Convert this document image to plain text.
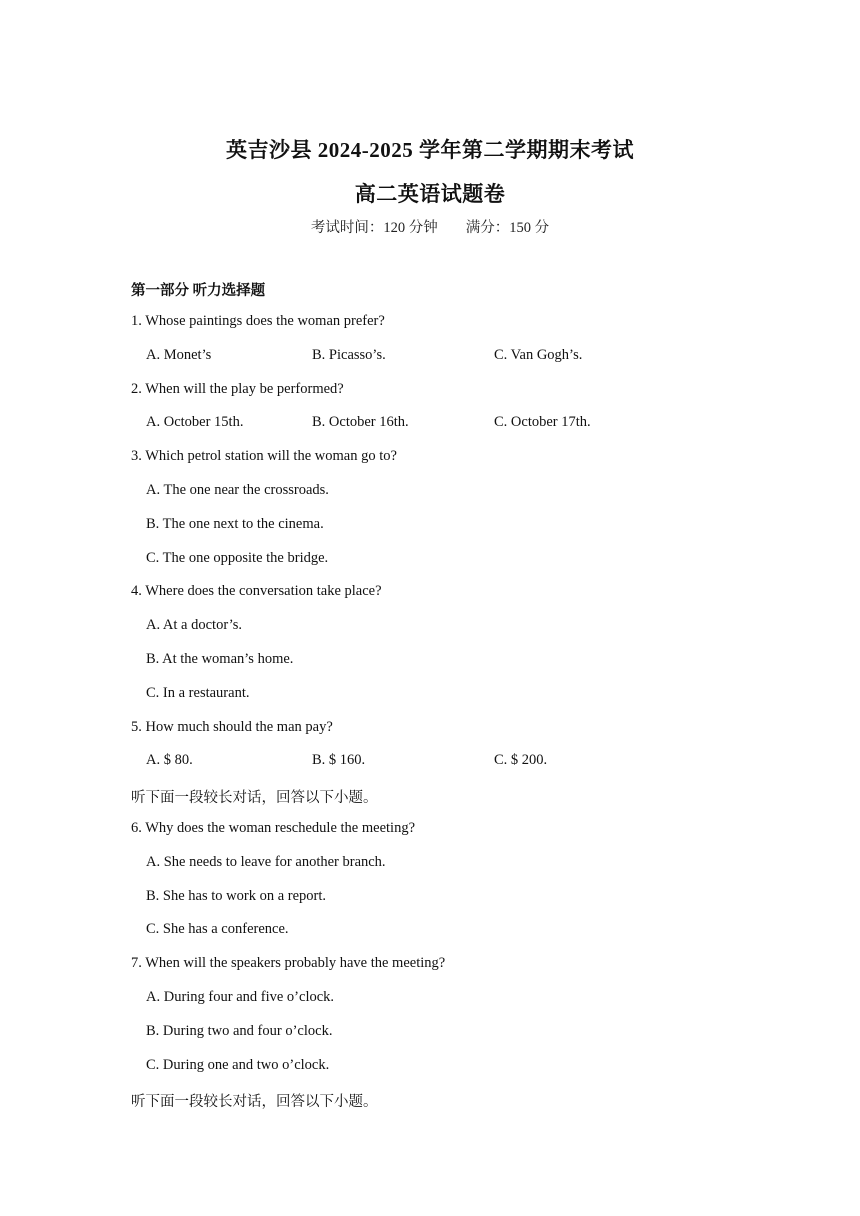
英吉沙县 2024-2025 学年第二学期期末考试
高二英语试题卷
考试时间：120 分钟 满分：150 分
第一部分 听力选择题
1. Whose paintings does the woman prefer?
A. Monet’s	B. Picasso’s.	C. Van Gogh’s.
2. When will the play be performed?
A. October 15th.	B. October 16th.	C. October 17th.
3. Which petrol station will the woman go to?
A. The one near the crossroads.
B. The one next to the cinema.
C. The one opposite the bridge.
4. Where does the conversation take place?
A. At a doctor’s.
B. At the woman’s home.
C. In a restaurant.
5. How much should the man pay?
A. $ 80.	B. $ 160.	C. $ 200.
听下面一段较长对话，回答以下小题。
6. Why does the woman reschedule the meeting?
A. She needs to leave for another branch.
B. She has to work on a report.
C. She has a conference.
7. When will the speakers probably have the meeting?
A. During four and five o’clock.
B. During two and four o’clock.
C. During one and two o’clock.
听下面一段较长对话，回答以下小题。
